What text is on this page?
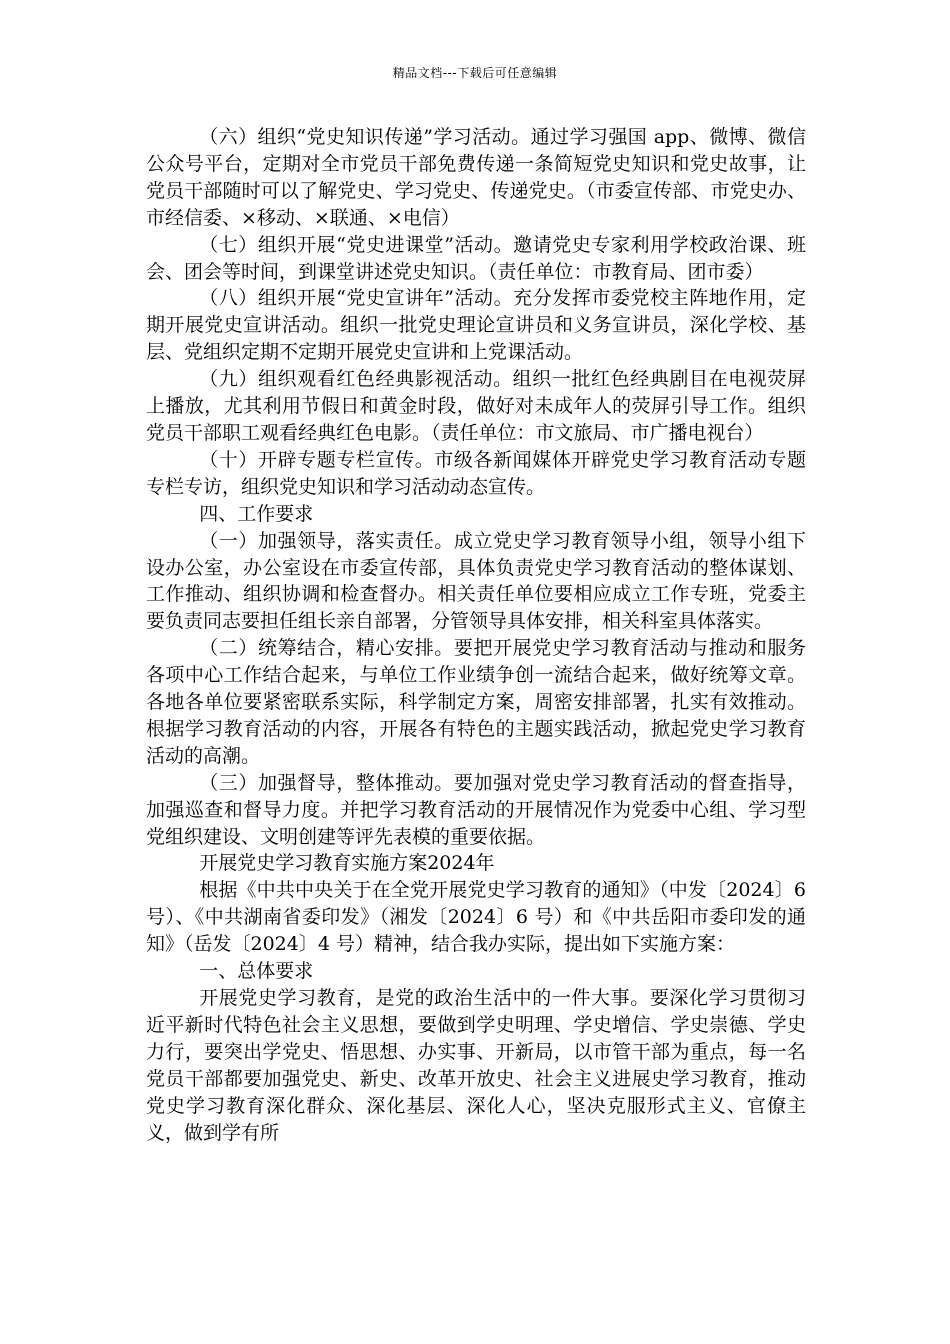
精品文档---下载后可任意编辑

（六）组织“党史知识传递”学习活动。通过学习强国 app、微博、微信公众号平台，定期对全市党员干部免费传递一条简短党史知识和党史故事，让党员干部随时可以了解党史、学习党史、传递党史。（市委宣传部、市党史办、市经信委、×移动、×联通、×电信）

（七）组织开展“党史进课堂”活动。邀请党史专家利用学校政治课、班会、团会等时间，到课堂讲述党史知识。（责任单位：市教育局、团市委）

（八）组织开展“党史宣讲年”活动。充分发挥市委党校主阵地作用，定期开展党史宣讲活动。组织一批党史理论宣讲员和义务宣讲员，深化学校、基层、党组织定期不定期开展党史宣讲和上党课活动。

（九）组织观看红色经典影视活动。组织一批红色经典剧目在电视荧屏上播放，尤其利用节假日和黄金时段，做好对未成年人的荧屏引导工作。组织党员干部职工观看经典红色电影。（责任单位：市文旅局、市广播电视台）

（十）开辟专题专栏宣传。市级各新闻媒体开辟党史学习教育活动专题专栏专访，组织党史知识和学习活动动态宣传。

四、工作要求

（一）加强领导，落实责任。成立党史学习教育领导小组，领导小组下设办公室，办公室设在市委宣传部，具体负责党史学习教育活动的整体谋划、工作推动、组织协调和检查督办。相关责任单位要相应成立工作专班，党委主要负责同志要担任组长亲自部署，分管领导具体安排，相关科室具体落实。

（二）统筹结合，精心安排。要把开展党史学习教育活动与推动和服务各项中心工作结合起来，与单位工作业绩争创一流结合起来，做好统筹文章。各地各单位要紧密联系实际，科学制定方案，周密安排部署，扎实有效推动。根据学习教育活动的内容，开展各有特色的主题实践活动，掀起党史学习教育活动的高潮。

（三）加强督导，整体推动。要加强对党史学习教育活动的督查指导，加强巡查和督导力度。并把学习教育活动的开展情况作为党委中心组、学习型党组织建设、文明创建等评先表模的重要依据。

开展党史学习教育实施方案2024年

根据《中共中央关于在全党开展党史学习教育的通知》（中发〔2024〕6 号）、《中共湖南省委印发》（湘发〔2024〕6 号）和《中共岳阳市委印发的通知》（岳发〔2024〕4 号）精神，结合我办实际，提出如下实施方案：

一、总体要求

开展党史学习教育，是党的政治生活中的一件大事。要深化学习贯彻习近平新时代特色社会主义思想，要做到学史明理、学史增信、学史崇德、学史力行，要突出学党史、悟思想、办实事、开新局，以市管干部为重点，每一名党员干部都要加强党史、新史、改革开放史、社会主义进展史学习教育，推动党史学习教育深化群众、深化基层、深化人心，坚决克服形式主义、官僚主义，做到学有所
